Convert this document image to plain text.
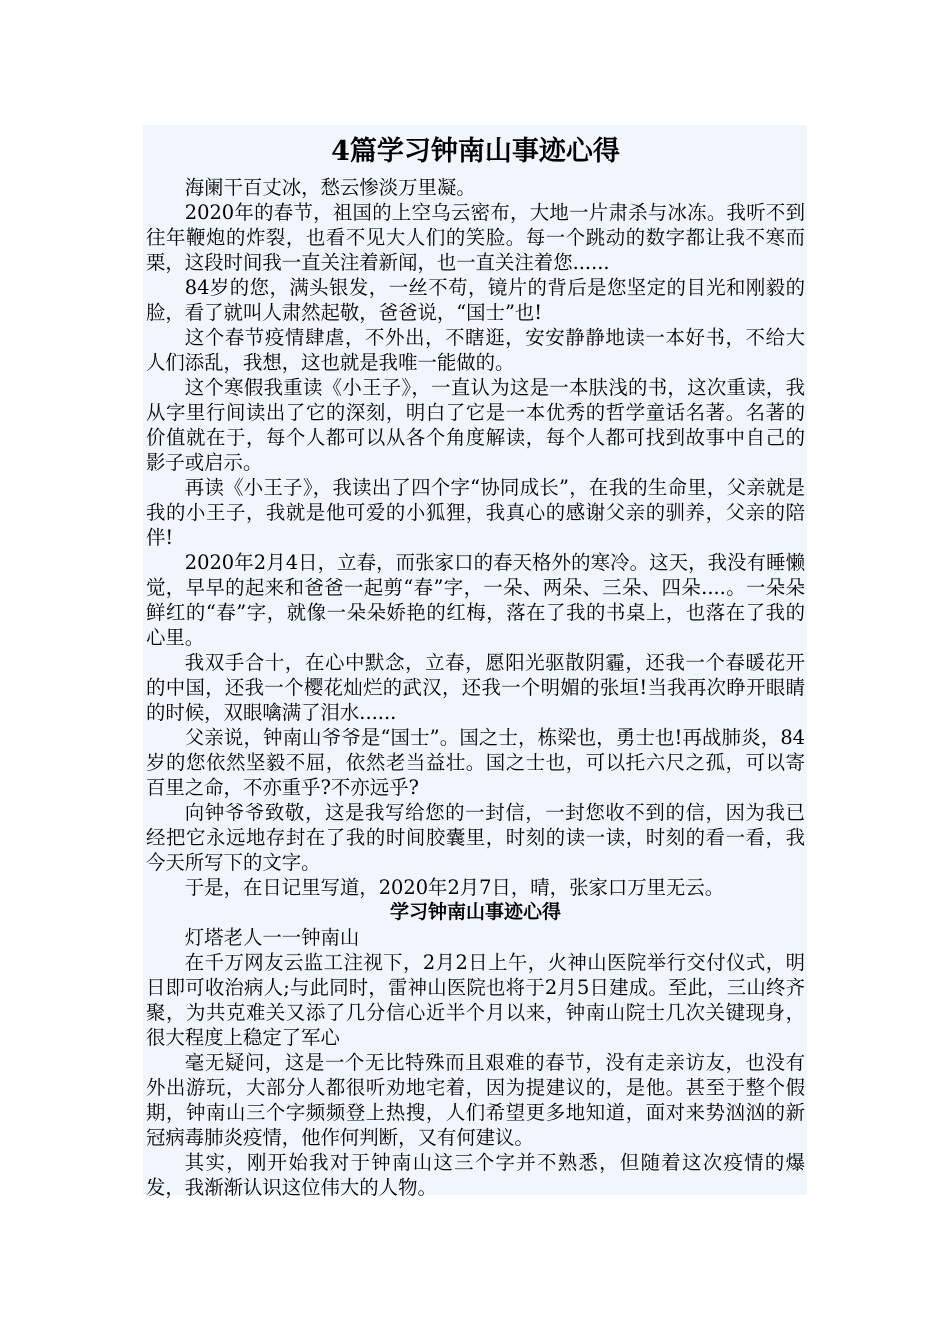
4篇学习钟南山事迹心得

海阑干百丈冰，愁云惨淡万里凝。

2020年的春节，祖国的上空乌云密布，大地一片肃杀与冰冻。我听不到往年鞭炮的炸裂，也看不见大人们的笑脸。每一个跳动的数字都让我不寒而栗，这段时间我一直关注着新闻，也一直关注着您......

84岁的您，满头银发，一丝不苟，镜片的背后是您坚定的目光和刚毅的脸，看了就叫人肃然起敬，爸爸说，“国士”也!

这个春节疫情肆虐，不外出，不瞎逛，安安静静地读一本好书，不给大人们添乱，我想，这也就是我唯一能做的。

这个寒假我重读《小王子》，一直认为这是一本肤浅的书，这次重读，我从字里行间读出了它的深刻，明白了它是一本优秀的哲学童话名著。名著的价值就在于，每个人都可以从各个角度解读，每个人都可找到故事中自己的影子或启示。

再读《小王子》，我读出了四个字“协同成长”，在我的生命里，父亲就是我的小王子，我就是他可爱的小狐狸，我真心的感谢父亲的驯养，父亲的陪伴!

2020年2月4日，立春，而张家口的春天格外的寒冷。这天，我没有睡懒觉，早早的起来和爸爸一起剪“春”字，一朵、两朵、三朵、四朵....。一朵朵鲜红的“春”字，就像一朵朵娇艳的红梅，落在了我的书桌上，也落在了我的心里。

我双手合十，在心中默念，立春，愿阳光驱散阴霾，还我一个春暖花开的中国，还我一个樱花灿烂的武汉，还我一个明媚的张垣!当我再次睁开眼睛的时候，双眼噙满了泪水......

父亲说，钟南山爷爷是“国士”。国之士，栋梁也，勇士也!再战肺炎，84岁的您依然坚毅不屈，依然老当益壮。国之士也，可以托六尺之孤，可以寄百里之命，不亦重乎?不亦远乎?

向钟爷爷致敬，这是我写给您的一封信，一封您收不到的信，因为我已经把它永远地存封在了我的时间胶囊里，时刻的读一读，时刻的看一看，我今天所写下的文字。

于是，在日记里写道，2020年2月7日，晴，张家口万里无云。

学习钟南山事迹心得

灯塔老人一一钟南山

在千万网友云监工注视下，2月2日上午，火神山医院举行交付仪式，明日即可收治病人;与此同时，雷神山医院也将于2月5日建成。至此，三山终齐聚，为共克难关又添了几分信心近半个月以来，钟南山院士几次关键现身，很大程度上稳定了军心

毫无疑问，这是一个无比特殊而且艰难的春节，没有走亲访友，也没有外出游玩，大部分人都很听劝地宅着，因为提建议的，是他。甚至于整个假期，钟南山三个字频频登上热搜，人们希望更多地知道，面对来势汹汹的新冠病毒肺炎疫情，他作何判断，又有何建议。

其实，刚开始我对于钟南山这三个字并不熟悉，但随着这次疫情的爆发，我渐渐认识这位伟大的人物。
